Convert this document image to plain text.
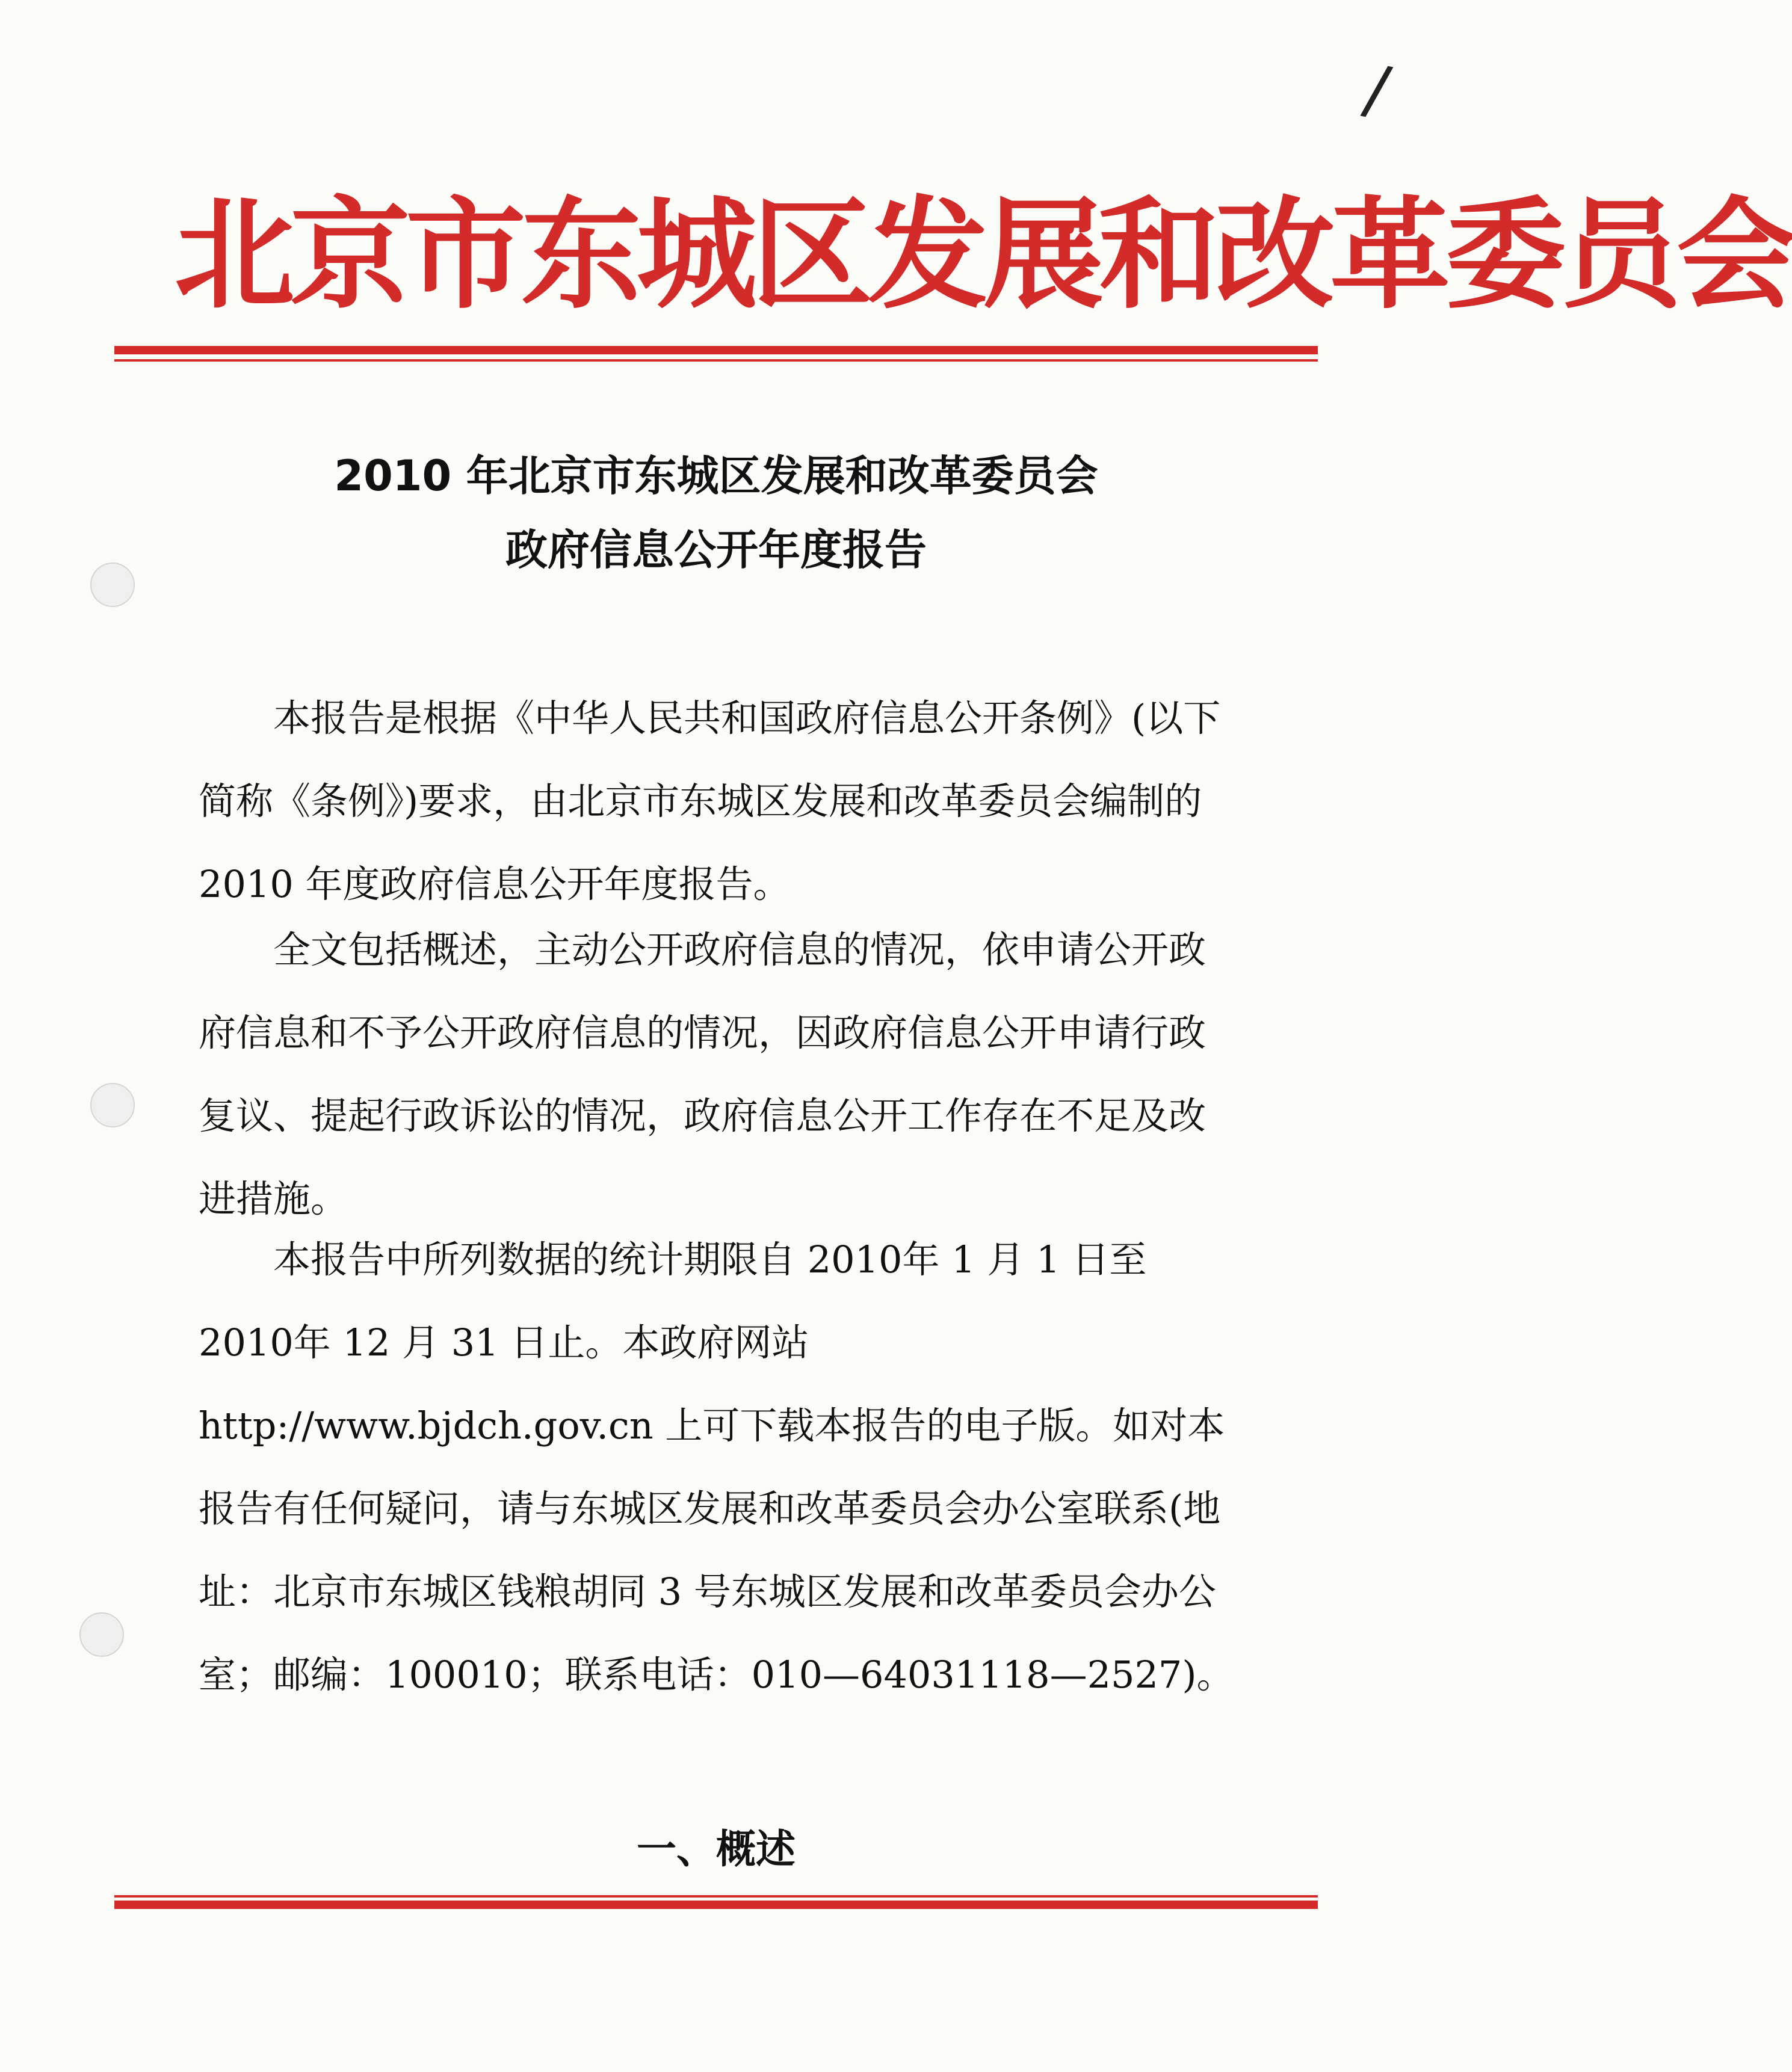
/
北京市东城区发展和改革委员会
2010 年北京市东城区发展和改革委员会
政府信息公开年度报告
本报告是根据《中华人民共和国政府信息公开条例》(以下简称《条例》)要求，由北京市东城区发展和改革委员会编制的 2010 年度政府信息公开年度报告。
全文包括概述，主动公开政府信息的情况，依申请公开政府信息和不予公开政府信息的情况，因政府信息公开申请行政复议、提起行政诉讼的情况，政府信息公开工作存在不足及改进措施。
本报告中所列数据的统计期限自 2010年 1 月 1 日至 2010年 12 月 31 日止。本政府网站 http://www.bjdch.gov.cn 上可下载本报告的电子版。如对本报告有任何疑问，请与东城区发展和改革委员会办公室联系(地址：北京市东城区钱粮胡同 3 号东城区发展和改革委员会办公室；邮编：100010；联系电话：010—64031118—2527)。
一、概述
